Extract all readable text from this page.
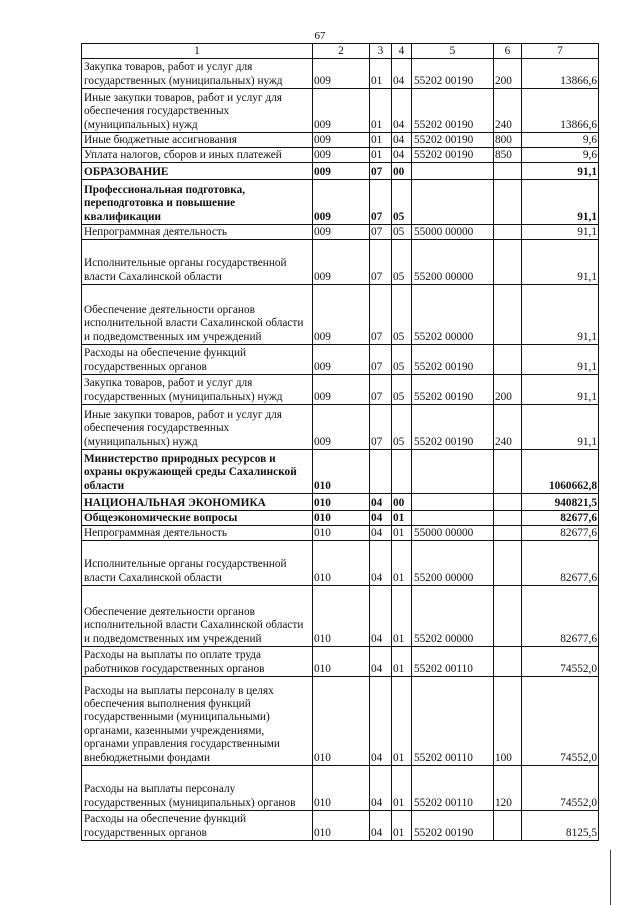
67
1	2	3	4	5	6	7
Закупка товаров, работ и услуг для государственных (муниципальных) нужд	009	01	04	55202 00190	200	13866,6
Иные закупки товаров, работ и услуг для обеспечения государственных (муниципальных) нужд	009	01	04	55202 00190	240	13866,6
Иные бюджетные ассигнования	009	01	04	55202 00190	800	9,6
Уплата налогов, сборов и иных платежей	009	01	04	55202 00190	850	9,6
ОБРАЗОВАНИЕ	009	07	00			91,1
Профессиональная подготовка, переподготовка и повышение квалификации	009	07	05			91,1
Непрограммная деятельность	009	07	05	55000 00000		91,1
Исполнительные органы государственной власти Сахалинской области	009	07	05	55200 00000		91,1
Обеспечение деятельности органов исполнительной власти Сахалинской области и подведомственных им учреждений	009	07	05	55202 00000		91,1
Расходы на обеспечение функций государственных органов	009	07	05	55202 00190		91,1
Закупка товаров, работ и услуг для государственных (муниципальных) нужд	009	07	05	55202 00190	200	91,1
Иные закупки товаров, работ и услуг для обеспечения государственных (муниципальных) нужд	009	07	05	55202 00190	240	91,1
Министерство природных ресурсов и охраны окружающей среды Сахалинской области	010					1060662,8
НАЦИОНАЛЬНАЯ ЭКОНОМИКА	010	04	00			940821,5
Общеэкономические вопросы	010	04	01			82677,6
Непрограммная деятельность	010	04	01	55000 00000		82677,6
Исполнительные органы государственной власти Сахалинской области	010	04	01	55200 00000		82677,6
Обеспечение деятельности органов исполнительной власти Сахалинской области и подведомственных им учреждений	010	04	01	55202 00000		82677,6
Расходы на выплаты по оплате труда работников государственных органов	010	04	01	55202 00110		74552,0
Расходы на выплаты персоналу в целях обеспечения выполнения функций государственными (муниципальными) органами, казенными учреждениями, органами управления государственными внебюджетными фондами	010	04	01	55202 00110	100	74552,0
Расходы на выплаты персоналу государственных (муниципальных) органов	010	04	01	55202 00110	120	74552,0
Расходы на обеспечение функций государственных органов	010	04	01	55202 00190		8125,5
